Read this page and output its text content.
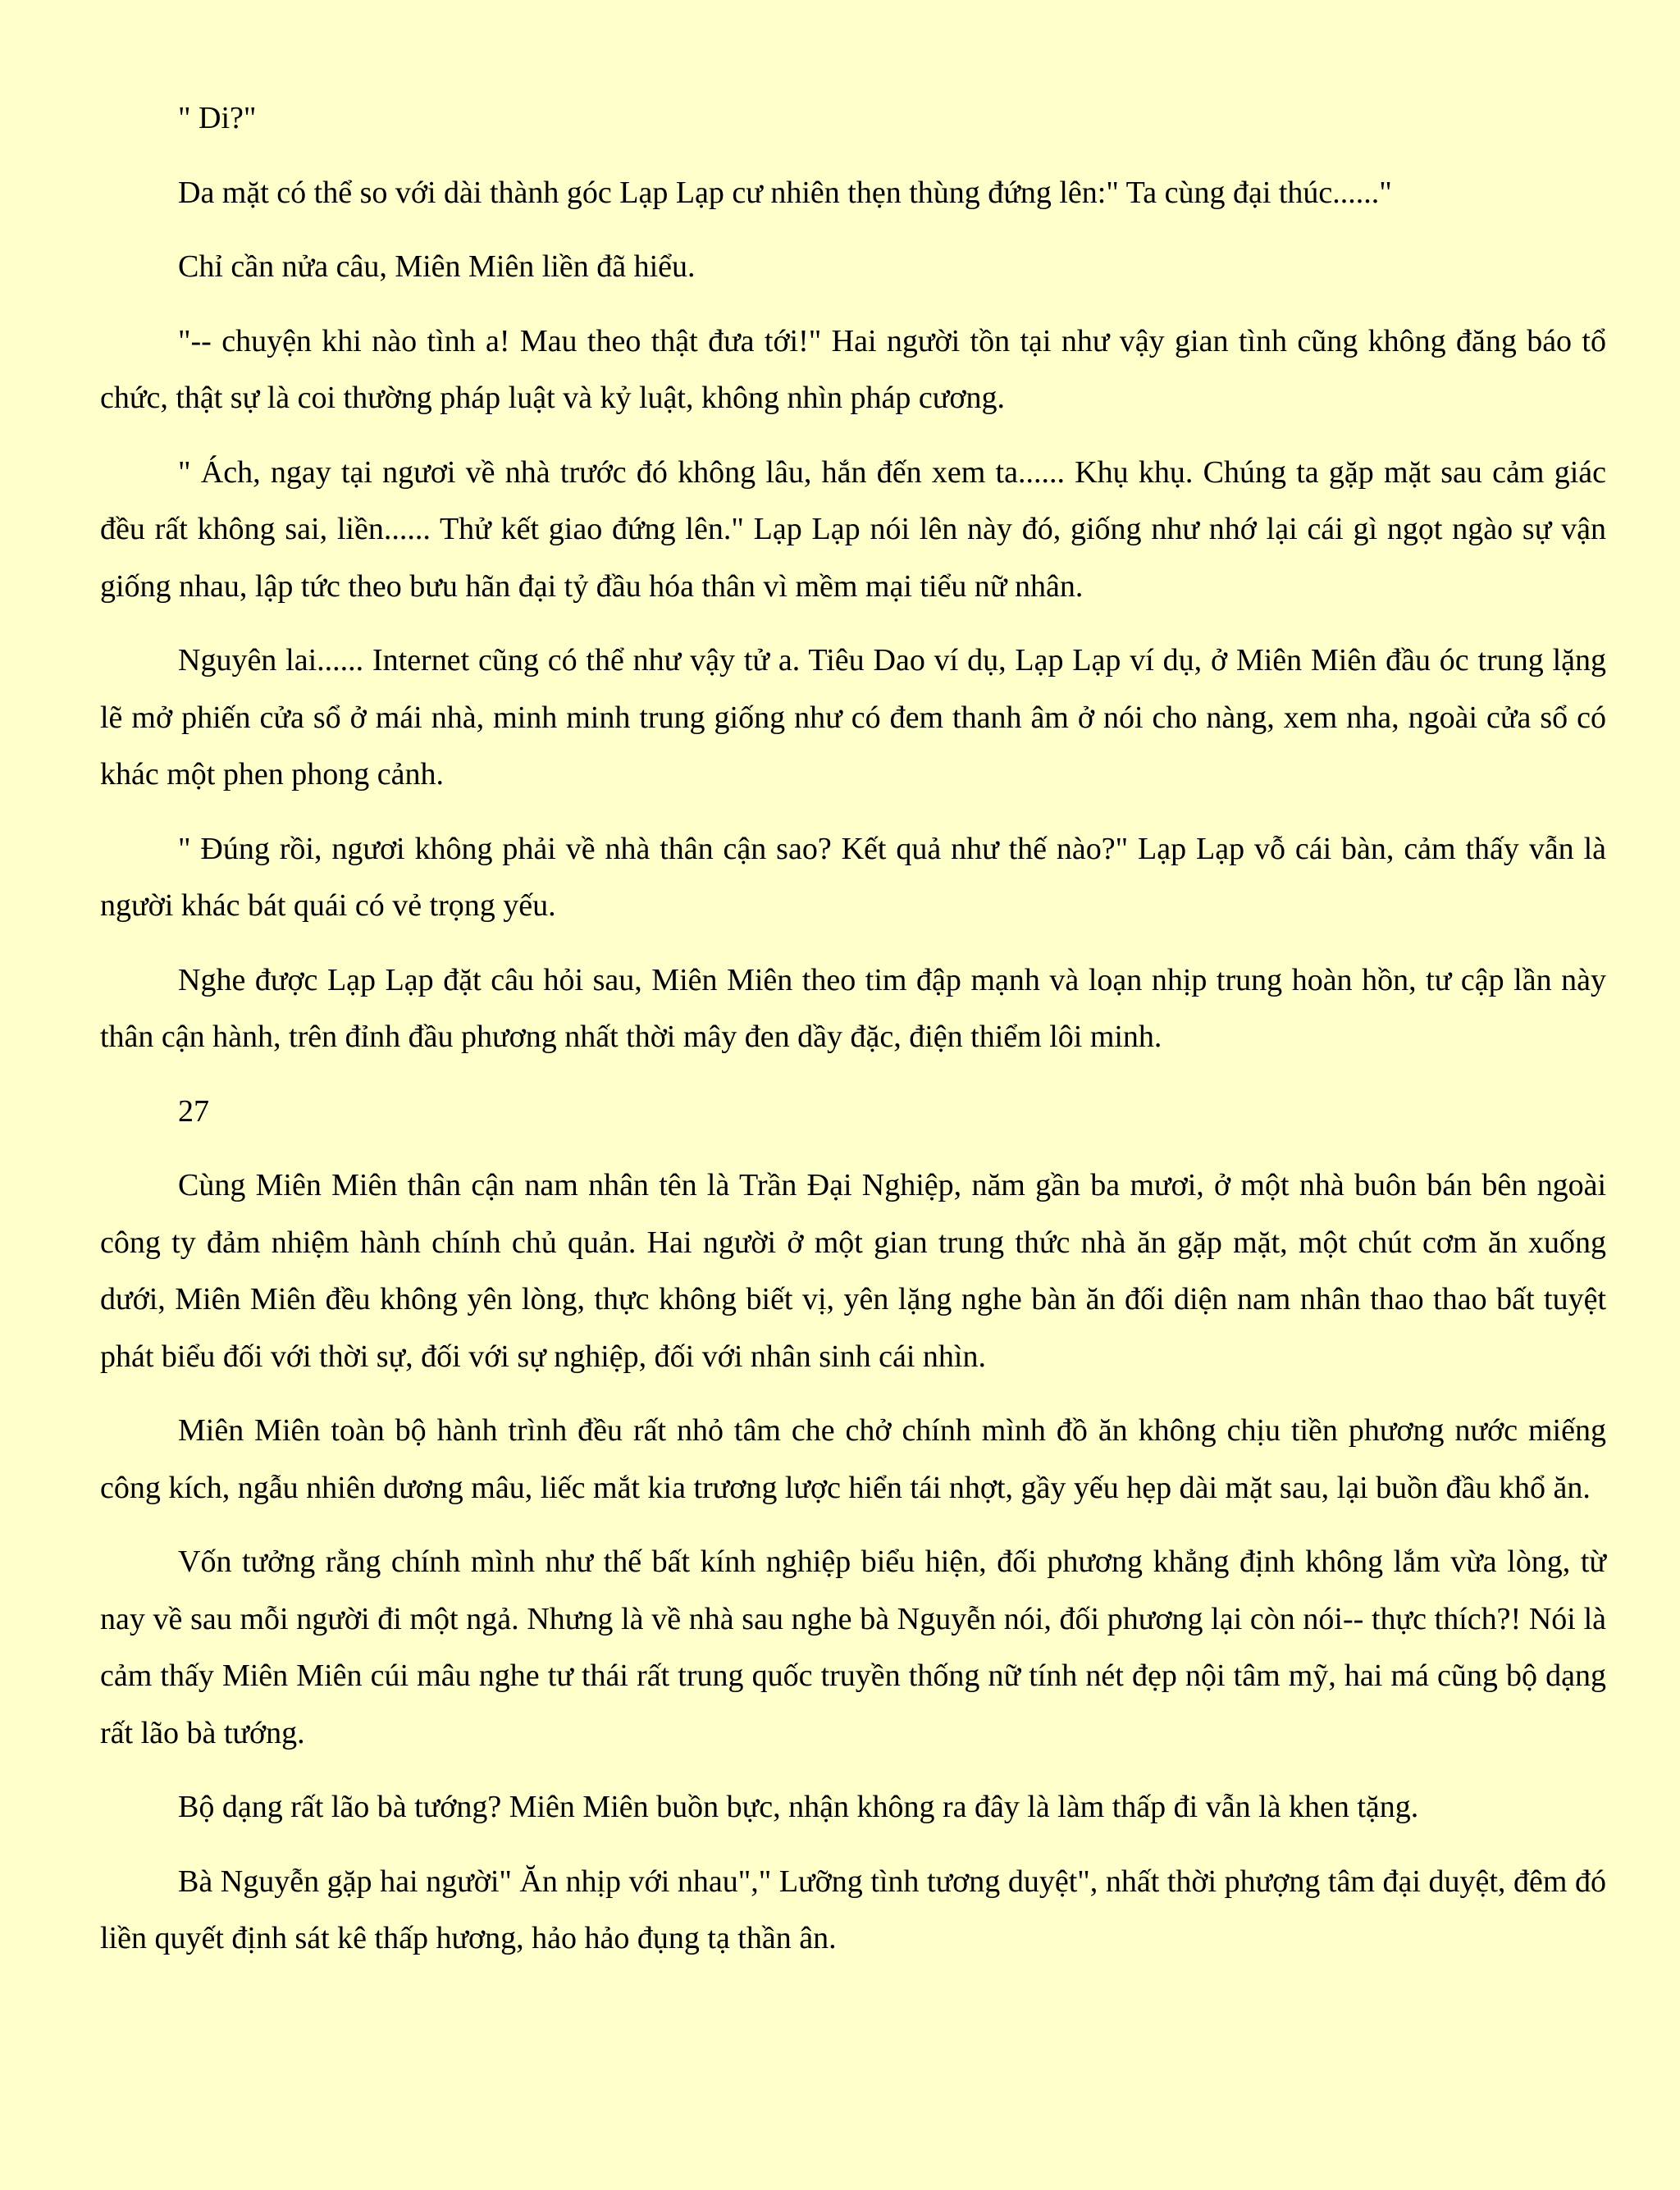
" Di?"

Da mặt có thể so với dài thành góc Lạp Lạp cư nhiên thẹn thùng đứng lên:" Ta cùng đại thúc......"

Chỉ cần nửa câu, Miên Miên liền đã hiểu.

"-- chuyện khi nào tình a! Mau theo thật đưa tới!" Hai người tồn tại như vậy gian tình cũng không đăng báo tổ chức, thật sự là coi thường pháp luật và kỷ luật, không nhìn pháp cương.

" Ách, ngay tại ngươi về nhà trước đó không lâu, hắn đến xem ta...... Khụ khụ. Chúng ta gặp mặt sau cảm giác đều rất không sai, liền...... Thử kết giao đứng lên." Lạp Lạp nói lên này đó, giống như nhớ lại cái gì ngọt ngào sự vận giống nhau, lập tức theo bưu hãn đại tỷ đầu hóa thân vì mềm mại tiểu nữ nhân.

Nguyên lai...... Internet cũng có thể như vậy tử a. Tiêu Dao ví dụ, Lạp Lạp ví dụ, ở Miên Miên đầu óc trung lặng lẽ mở phiến cửa sổ ở mái nhà, minh minh trung giống như có đem thanh âm ở nói cho nàng, xem nha, ngoài cửa sổ có khác một phen phong cảnh.

" Đúng rồi, ngươi không phải về nhà thân cận sao? Kết quả như thế nào?" Lạp Lạp vỗ cái bàn, cảm thấy vẫn là người khác bát quái có vẻ trọng yếu.

Nghe được Lạp Lạp đặt câu hỏi sau, Miên Miên theo tim đập mạnh và loạn nhịp trung hoàn hồn, tư cập lần này thân cận hành, trên đỉnh đầu phương nhất thời mây đen dầy đặc, điện thiểm lôi minh.

27

Cùng Miên Miên thân cận nam nhân tên là Trần Đại Nghiệp, năm gần ba mươi, ở một nhà buôn bán bên ngoài công ty đảm nhiệm hành chính chủ quản. Hai người ở một gian trung thức nhà ăn gặp mặt, một chút cơm ăn xuống dưới, Miên Miên đều không yên lòng, thực không biết vị, yên lặng nghe bàn ăn đối diện nam nhân thao thao bất tuyệt phát biểu đối với thời sự, đối với sự nghiệp, đối với nhân sinh cái nhìn.

Miên Miên toàn bộ hành trình đều rất nhỏ tâm che chở chính mình đồ ăn không chịu tiền phương nước miếng công kích, ngẫu nhiên dương mâu, liếc mắt kia trương lược hiển tái nhợt, gầy yếu hẹp dài mặt sau, lại buồn đầu khổ ăn.

Vốn tưởng rằng chính mình như thế bất kính nghiệp biểu hiện, đối phương khẳng định không lắm vừa lòng, từ nay về sau mỗi người đi một ngả. Nhưng là về nhà sau nghe bà Nguyễn nói, đối phương lại còn nói-- thực thích?! Nói là cảm thấy Miên Miên cúi mâu nghe tư thái rất trung quốc truyền thống nữ tính nét đẹp nội tâm mỹ, hai má cũng bộ dạng rất lão bà tướng.

Bộ dạng rất lão bà tướng? Miên Miên buồn bực, nhận không ra đây là làm thấp đi vẫn là khen tặng.

Bà Nguyễn gặp hai người" Ăn nhịp với nhau"," Lưỡng tình tương duyệt", nhất thời phượng tâm đại duyệt, đêm đó liền quyết định sát kê thấp hương, hảo hảo đụng tạ thần ân.
